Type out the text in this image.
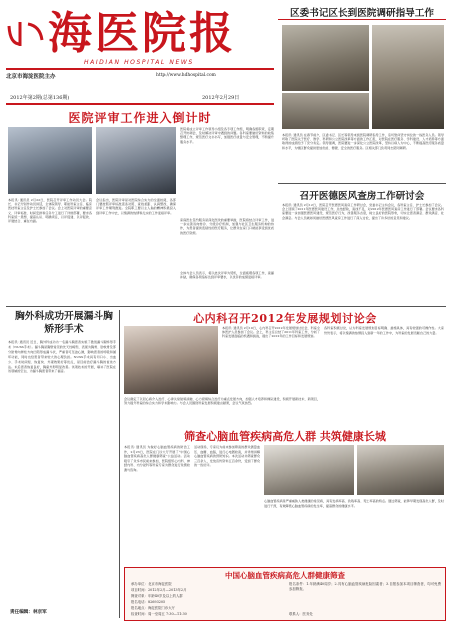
海医院报
HAIDIAN HOSPITAL NEWS
北京市海淀医院主办	http://www.hdhospital.com
2012年第2期(总第136期)	2012年2月29日
区委书记区长到医院调研指导工作
本报讯: 通讯员 在春节前夕，区委书记、区长等领导来到医院调研指导工作，亲切慰问坚守岗位的一线医务人员。领导听取了医院关于医疗、教学、科研和公立医院改革等方面的工作汇报，对医院在医疗服务、学科建设、人才培养等方面取得的成绩给予了充分肯定。领导强调，医院要进一步深化公立医院改革，坚持以病人为中心，不断提高医疗服务质量和水平，为辖区群众提供更加优质、便捷、安全的医疗服务。区相关部门负责同志陪同调研。
医院评审工作进入倒计时
本报讯: 通讯员 2月22日，医院召开评审工作动员大会。院长、书记分别作动员讲话，全体院领导、职能科室主任、临床医技科室主任及护士长参加了会议。会上对医院评审的重要意义、评审标准、时间安排和任务分工进行了详细部署，要求各科室统一思想、提高认识、明确责任，以评促建、以评促改、评建结合、重在内涵。
会议指出，医院评审是对医院综合实力的全面检阅，各部门要按照评审标准逐条对照、查找差距、认真整改，确保评审工作顺利推进。全院职工要以主人翁的精神积极投入到评审工作中去，以饱满的热情和扎实的工作迎接评审。
医院将成立评审工作领导小组及各专项工作组，明确各组职责，定期召开协调会，及时解决评审中遇到的问题。各科室要做好资料的收集整理工作，规范医疗文书书写，加强医疗质量与安全管理，不断提升服务水平。
家庭医生签约服务是深化医改的重要举措，医院将结合评审工作，进一步完善双向转诊、分级诊疗机制，加强与社区卫生服务机构的协作，为患者提供连续性的医疗服务，让群众在家门口就能享受到优质的医疗资源。
全体与会人员表示，将以此次评审为契机，全面梳理各项工作，查漏补缺，确保各项指标达到评审要求，以优异的成绩迎接评审。
召开医德医风查房工作研讨会
本报讯: 通讯员 2月12日，医院召开医德医风查房工作研讨会，党委书记主持会议，各科室主任、护士长参加了会议。会上回顾了2011年医德医风建设工作，总结经验，查找不足，对2012年医德医风查房工作进行了部署。会议要求各科室要进一步加强医德医风建设，规范医疗行为，改善服务态度，树立良好的医院形象，切实让患者满意、群众满意、社会满意。与会人员就如何做好医德医风查房工作进行了深入讨论，提出了许多好的意见和建议。
胸外科成功开展漏斗胸矫形手术
本报讯: 通讯员 近日，胸外科成功为一名漏斗胸患者实施了微创漏斗胸矫形手术（NUSS手术）。漏斗胸是胸壁常见的先天性畸形，表现为胸骨、肋软骨及部分肋骨向脊柱方向凹陷形成漏斗状，严重者可压迫心肺，影响患者的呼吸和循环功能，同时也给患者带来较大的心理负担。NUSS手术具有切口小、出血少、手术时间短、恢复快、外观效果好等优点，是目前治疗漏斗胸的首选方法。术后患者恢复良好，胸廓外形明显改善。该项技术的开展，填补了医院在该领域的空白，为漏斗胸患者带来了福音。
心内科召开2012年发展规划讨论会
本报讯: 通讯员 2月10日，心内科召开2012年发展规划讨论会，科室全体医护人员参加了会议。会上，科主任总结了2011年科室工作，分析了科室发展面临的机遇和挑战，提出了2012年的工作目标和发展规划。
会议确定了以冠心病介入治疗、心律失常射频消融、心力衰竭综合治疗为重点发展方向，加强人才培养和梯队建设，积极开展新技术、新项目，努力提升科室的综合实力和学术影响力。与会人员围绕科室发展积极建言献策，会议气氛热烈。
各科室积极讨论，认为科室发展规划目标明确、措施具体，具有较强的可操作性。大家纷纷表示，将以饱满的热情投入到新一年的工作中，为科室的发展贡献自己的力量。
筛查心脑血管疾病高危人群 共筑健康长城
本报讯: 通讯员 为做好心脑血管疾病的防治工作，2月23日，医院在门诊大厅开展了“中国心脑血管疾病高危人群健康筛查”公益活动。活动吸引了众多市民前来参加，医院组织心内科、神经内科、内分泌科等科室专家为群众进行免费检测与咨询。
活动现场，专家们为前来参加筛查的群众测量血压、血糖、血脂，进行心电图检查，并详细讲解心脑血管疾病的预防知识。本次活动共筛查群众三百余人，发放宣传资料五百余份，受到了群众的一致好评。
心脑血管疾病是严重威胁人类健康的常见病，具有发病率高、致残率高、死亡率高的特点。通过筛查，能够早期发现高危人群，及时进行干预，有效降低心脑血管疾病的发生率，提高群众的健康水平。
中国心脑血管疾病高危人群健康筛查
承办单位：北京市海淀医院
项目时间：2012年2月—2013年2月
筛查对象：年龄40岁及以上的人群
报名电话：82693205
报名地点：海淀医院门诊大厅
检查时间：周一至周五 7:30—11:30
报名条件：1.年龄满40周岁；2.具有心脑血管疾病危险因素者；3.自愿参加本项目筛查者，均可免费参加筛查。
联系人：医务处
责任编辑：林京军
